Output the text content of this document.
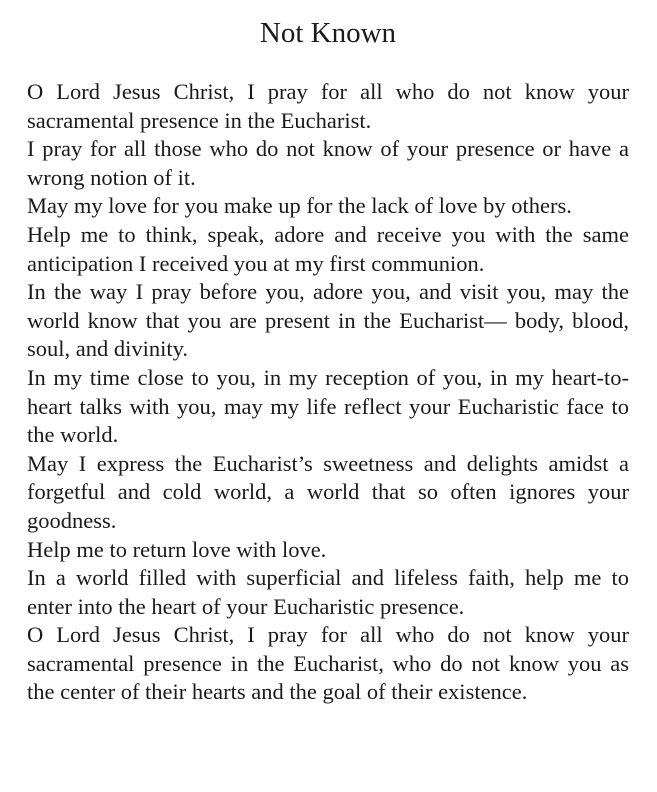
Not Known

O Lord Jesus Christ, I pray for all who do not know your sacramental presence in the Eucharist.

I pray for all those who do not know of your presence or have a wrong notion of it.

May my love for you make up for the lack of love by others.

Help me to think, speak, adore and receive you with the same anticipation I received you at my first communion.

In the way I pray before you, adore you, and visit you, may the world know that you are present in the Eucharist— body, blood, soul, and divinity.

In my time close to you, in my reception of you, in my heart-to-heart talks with you, may my life reflect your Eucharistic face to the world.

May I express the Eucharist’s sweetness and delights amidst a forgetful and cold world, a world that so often ignores your goodness.

Help me to return love with love.

In a world filled with superficial and lifeless faith, help me to enter into the heart of your Eucharistic presence.

O Lord Jesus Christ, I pray for all who do not know your sacramental presence in the Eucharist, who do not know you as the center of their hearts and the goal of their existence.
